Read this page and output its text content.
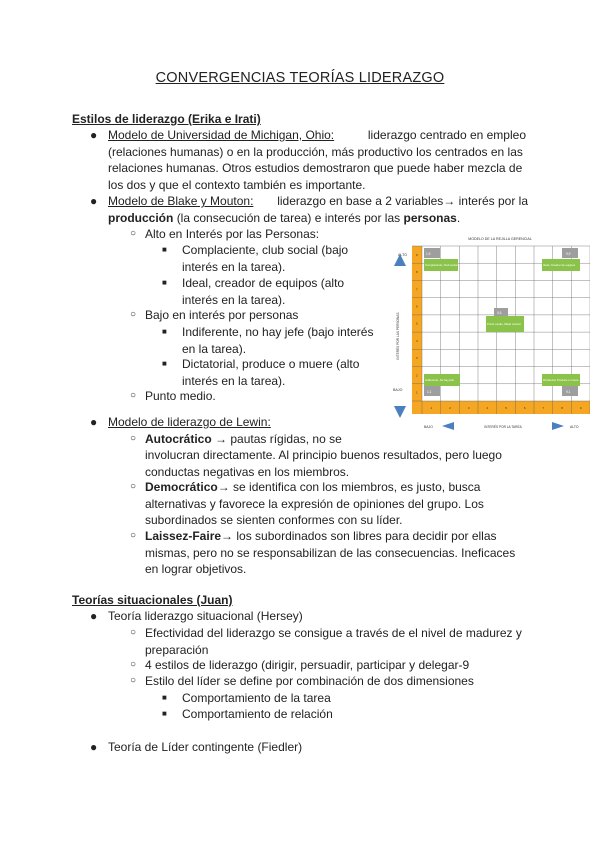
CONVERGENCIAS TEORÍAS LIDERAZGO
Estilos de liderazgo (Erika e Irati)
● Modelo de Universidad de Michigan, Ohio:	liderazgo centrado en empleo
(relaciones humanas) o en la producción, más productivo los centrados en las
relaciones humanas. Otros estudios demostraron que puede haber mezcla de
los dos y que el contexto también es importante.
● Modelo de Blake y Mouton: liderazgo en base a 2 variables→ interés por la
producción (la consecución de tarea) e interés por las personas.
○ Alto en Interés por las Personas:
■ Complaciente, club social (bajo
interés en la tarea).
■ Ideal, creador de equipos (alto
interés en la tarea).
○ Bajo en interés por personas
■ Indiferente, no hay jefe (bajo interés
en la tarea).
■ Dictatorial, produce o muere (alto
interés en la tarea).
○ Punto medio.
MODELO DE LA REJILLA GERENCIAL
INTERÉS POR LAS PERSONAS
ALTO
BAJO
1,9
Complaciente, Club social
9,9
Ideal, Creador de equipos
5,5
Punto medio, Mitad camino
1,1
Indiferente, No hay jefe
9,1
Dictatorial, Produce o muere
1
2
3
4
5
6
7
8
9
1	2	3	4	5	6	7	8	9
BAJO	ALTO
INTERÉS POR LA TAREA
● Modelo de liderazgo de Lewin:
○ Autocrático → pautas rígidas, no se
involucran directamente. Al principio buenos resultados, pero luego
conductas negativas en los miembros.
○ Democrático→ se identifica con los miembros, es justo, busca
alternativas y favorece la expresión de opiniones del grupo. Los
subordinados se sienten conformes con su líder.
○ Laissez-Faire→ los subordinados son libres para decidir por ellas
mismas, pero no se responsabilizan de las consecuencias. Ineficaces
en lograr objetivos.
Teorías situacionales (Juan)
● Teoría liderazgo situacional (Hersey)
○ Efectividad del liderazgo se consigue a través de el nivel de madurez y
preparación
○ 4 estilos de liderazgo (dirigir, persuadir, participar y delegar-9
○ Estilo del líder se define por combinación de dos dimensiones
■ Comportamiento de la tarea
■ Comportamiento de relación
● Teoría de Líder contingente (Fiedler)
